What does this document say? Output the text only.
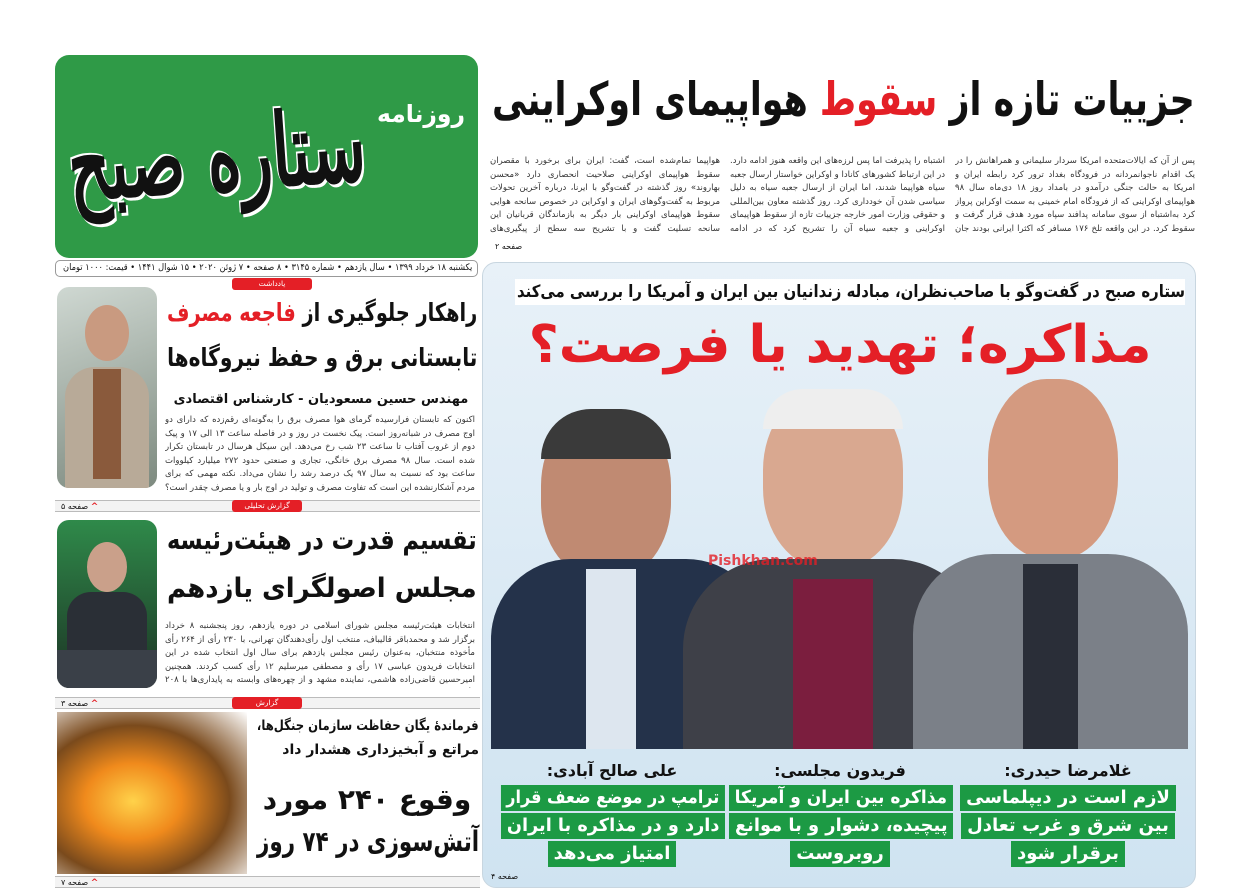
ستاره صبح روزنامه	جزییات تازه از سقوط هواپیمای اوکراینی
پس از آن که ایالات‌متحده امریکا سردار سلیمانی و همراهانش را در یک اقدام ناجوانمردانه در فرودگاه بغداد ترور کرد رابطه ایران و امریکا به حالت جنگی درآمدو در بامداد روز ۱۸ دی‌ماه سال ۹۸ هواپیمای اوکراینی که از فرودگاه امام خمینی به سمت اوکراین پرواز کرد به‌اشتباه از سوی سامانه پدافند سپاه مورد هدف قرار گرفت و سقوط کرد. در این واقعه تلخ ۱۷۶ مسافر که اکثرا ایرانی بودند جان
اشتباه را پذیرفت اما پس لرزه‌های این واقعه هنوز ادامه دارد. در این ارتباط کشورهای کانادا و اوکراین خواستار ارسال جعبه سیاه هواپیما شدند، اما ایران از ارسال جعبه سیاه به دلیل سیاسی شدن آن خودداری کرد. روز گذشته معاون بین‌المللی و حقوقی وزارت امور خارجه جزییات تازه از سقوط هواپیمای اوکراینی و جعبه سیاه آن را تشریح کرد که در ادامه
هواپیما تمام‌شده است، گفت: ایران برای برخورد با مقصران سقوط هواپیمای اوکراینی صلاحیت انحصاری دارد «محسن بهاروند» روز گذشته در گفت‌وگو با ایرنا، درباره آخرین تحولات مربوط به گفت‌وگوهای ایران و اوکراین در خصوص سانحه هوایی سقوط هواپیمای اوکراینی بار دیگر به بازماندگان قربانیان این سانحه تسلیت گفت و با تشریح سه سطح از پیگیری‌های
صفحه ۲
یکشنبه ۱۸ خرداد ۱۳۹۹ • سال یازدهم • شماره ۳۱۴۵ • ۸ صفحه • ۷ ژوئن ۲۰۲۰ • ۱۵ شوال ۱۴۴۱ • قیمت: ۱۰۰۰ تومان
یادداشت
راهکار جلوگیری از فاجعه مصرف
تابستانی برق و حفظ نیروگاه‌ها
مهندس حسین مسعودیان - کارشناس اقتصادی
اکنون که تابستان فرارسیده گرمای هوا مصرف برق را به‌گونه‌ای رقم‌زده که دارای دو اوج مصرف در شبانه‌روز است. پیک نخست در روز و در فاصله ساعت ۱۳ الی ۱۷ و پیک دوم از غروب آفتاب تا ساعت ۲۳ شب رخ می‌دهد. این سیکل هرسال در تابستان تکرار شده است. سال ۹۸ مصرف برق خانگی، تجاری و صنعتی حدود ۲۷۲ میلیارد کیلووات ساعت بود که نسبت به سال ۹۷ یک درصد رشد را نشان می‌داد. نکته مهمی که برای مردم آشکارنشده این است که تفاوت مصرف و تولید در اوج بار و یا مصرف چقدر است؟
^ صفحه ۵	گزارش تحلیلی
تقسیم قدرت در هیئت‌رئیسه
مجلس اصولگرای یازدهم
انتخابات هیئت‌رئیسه مجلس شورای اسلامی در دوره یازدهم، روز پنجشنبه ۸ خرداد برگزار شد و محمدباقر قالیباف، منتخب اول رأی‌دهندگان تهرانی، با ۲۳۰ رأی از ۲۶۴ رأی مأخوذه منتخبان، به‌عنوان رئیس مجلس یازدهم برای سال اول انتخاب شده در این انتخابات فریدون عباسی ۱۷ رأی و مصطفی میرسلیم ۱۲ رأی کسب کردند. همچنین امیرحسین قاضی‌زاده هاشمی، نماینده مشهد و از چهره‌های وابسته به پایداری‌ها با ۲۰۸
^ صفحه ۳	گزارش
فرماندهٔ یگان حفاظت سازمان جنگل‌ها،
مراتع و آبخیزداری هشدار داد
وقوع ۲۴۰ مورد
آتش‌سوزی در ۷۴ روز
^ صفحه ۷
ستاره صبح در گفت‌وگو با صاحب‌نظران، مبادله زندانیان بین ایران و آمریکا را بررسی می‌کند
مذاکره؛ تهدید یا فرصت؟
Pishkhan.com
غلامرضا حیدری:
لازم است در دیپلماسی
بین شرق و غرب تعادل
برقرار شود
فریدون مجلسی:
مذاکره بین ایران و آمریکا
پیچیده، دشوار و با موانع
روبروست
علی صالح آبادی:
ترامپ در موضع ضعف قرار
دارد و در مذاکره با ایران
امتیاز می‌دهد
صفحه ۴
